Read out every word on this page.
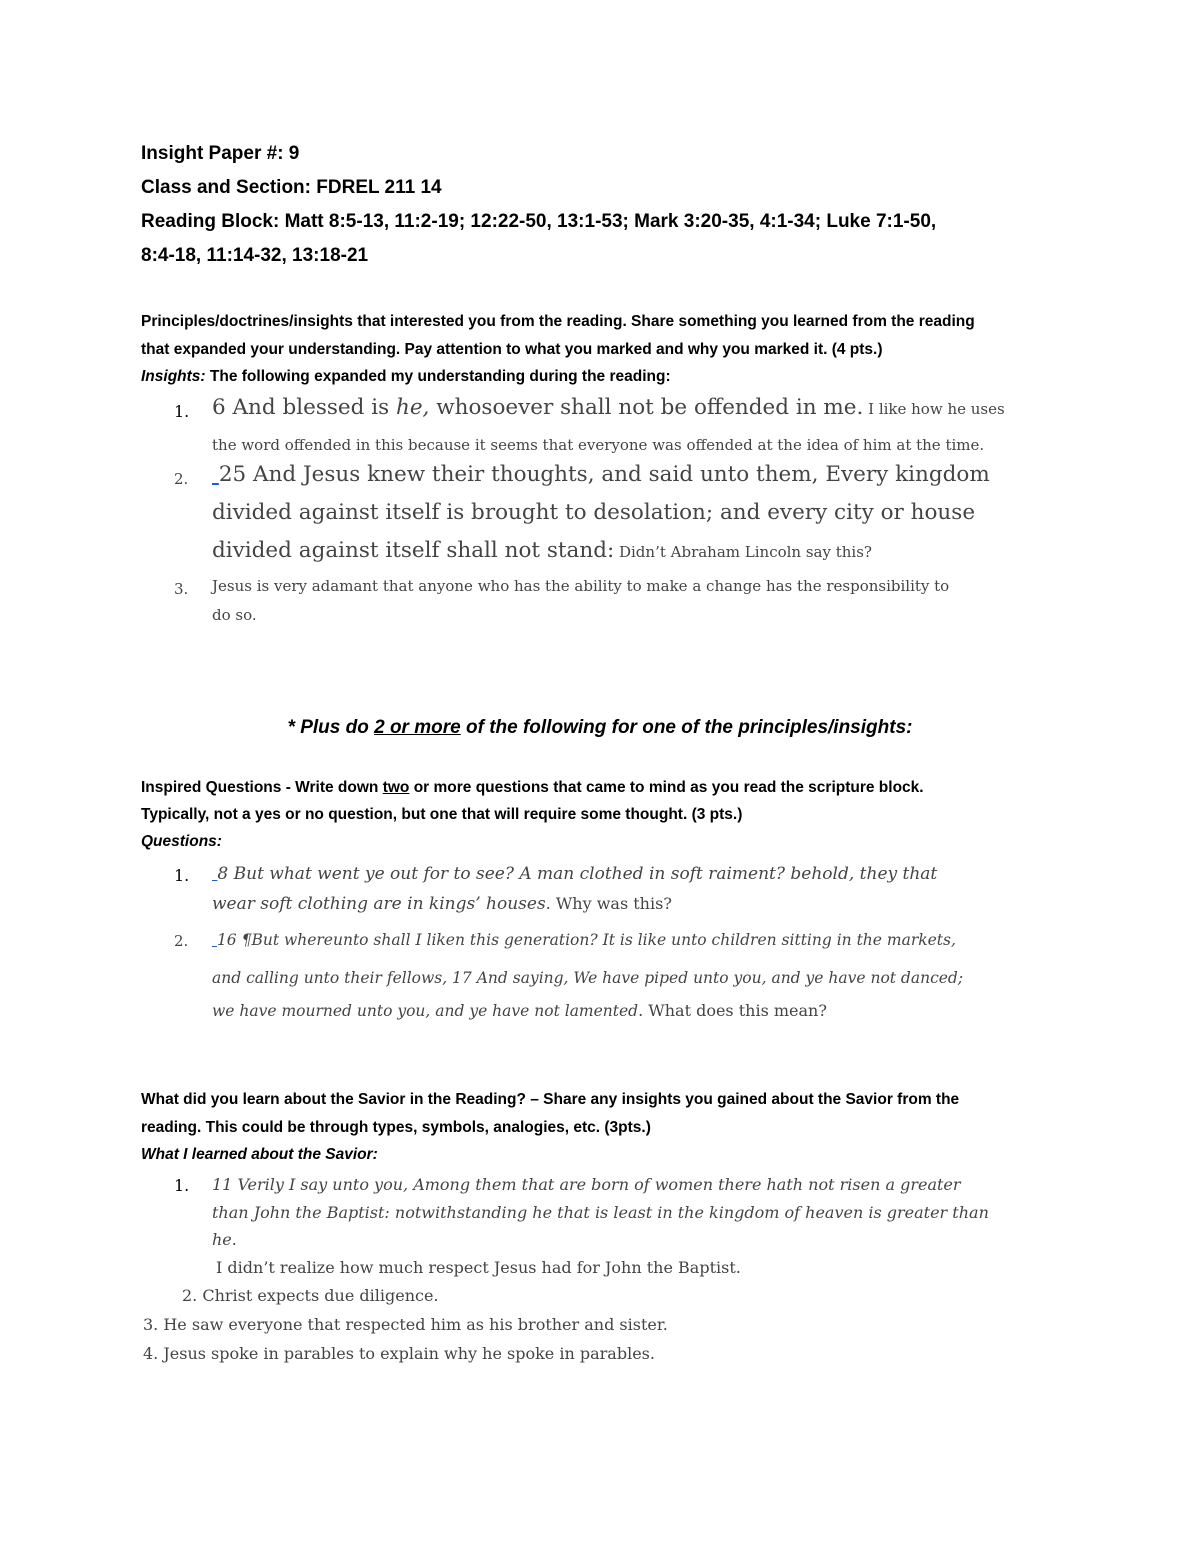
Insight Paper #: 9
Class and Section: FDREL 211 14
Reading Block: Matt 8:5-13, 11:2-19; 12:22-50, 13:1-53; Mark 3:20-35, 4:1-34; Luke 7:1-50,
8:4-18, 11:14-32, 13:18-21
Principles/doctrines/insights that interested you from the reading. Share something you learned from the reading
that expanded your understanding. Pay attention to what you marked and why you marked it. (4 pts.)
Insights: The following expanded my understanding during the reading:
1. 6 And blessed is he, whosoever shall not be offended in me. I like how he uses
the word offended in this because it seems that everyone was offended at the idea of him at the time.
2.	25 And Jesus knew their thoughts, and said unto them, Every kingdom
divided against itself is brought to desolation; and every city or house
divided against itself shall not stand: Didn’t Abraham Lincoln say this?
3. Jesus is very adamant that anyone who has the ability to make a change has the responsibility to
do so.
* Plus do 2 or more of the following for one of the principles/insights:
Inspired Questions - Write down two or more questions that came to mind as you read the scripture block.
Typically, not a yes or no question, but one that will require some thought. (3 pts.)
Questions:
1.	8 But what went ye out for to see? A man clothed in soft raiment? behold, they that
wear soft clothing are in kings’ houses. Why was this?
2.	16 ¶But whereunto shall I liken this generation? It is like unto children sitting in the markets,
and calling unto their fellows, 17 And saying, We have piped unto you, and ye have not danced;
we have mourned unto you, and ye have not lamented. What does this mean?
What did you learn about the Savior in the Reading? – Share any insights you gained about the Savior from the
reading. This could be through types, symbols, analogies, etc. (3pts.)
What I learned about the Savior:
1. 11 Verily I say unto you, Among them that are born of women there hath not risen a greater
than John the Baptist: notwithstanding he that is least in the kingdom of heaven is greater than
he.
I didn’t realize how much respect Jesus had for John the Baptist.
2. Christ expects due diligence.
3. He saw everyone that respected him as his brother and sister.
4. Jesus spoke in parables to explain why he spoke in parables.
